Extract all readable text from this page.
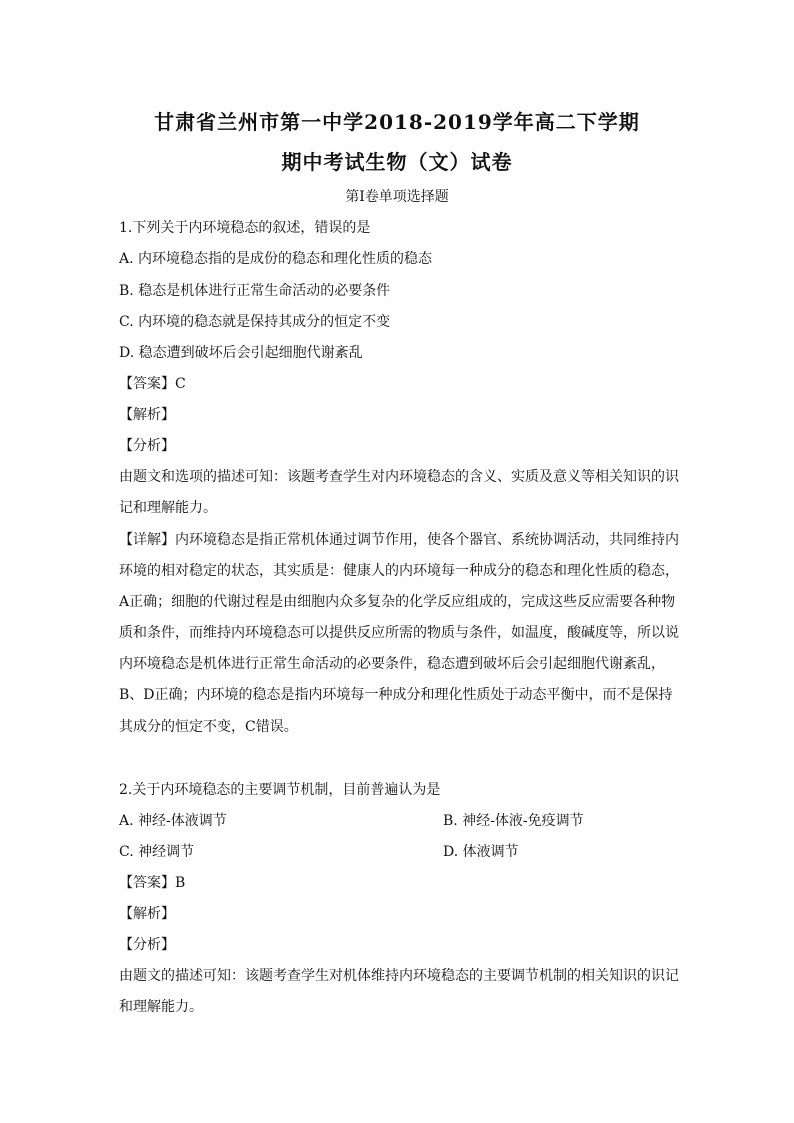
甘肃省兰州市第一中学2018-2019学年高二下学期
期中考试生物（文）试卷
第Ⅰ卷单项选择题
1.下列关于内环境稳态的叙述，错误的是
A. 内环境稳态指的是成份的稳态和理化性质的稳态
B. 稳态是机体进行正常生命活动的必要条件
C. 内环境的稳态就是保持其成分的恒定不变
D. 稳态遭到破坏后会引起细胞代谢紊乱
【答案】C
【解析】
【分析】
由题文和选项的描述可知：该题考查学生对内环境稳态的含义、实质及意义等相关知识的识
记和理解能力。
【详解】内环境稳态是指正常机体通过调节作用，使各个器官、系统协调活动，共同维持内
环境的相对稳定的状态，其实质是：健康人的内环境每一种成分的稳态和理化性质的稳态，
A正确；细胞的代谢过程是由细胞内众多复杂的化学反应组成的，完成这些反应需要各种物
质和条件，而维持内环境稳态可以提供反应所需的物质与条件，如温度，酸碱度等，所以说
内环境稳态是机体进行正常生命活动的必要条件，稳态遭到破坏后会引起细胞代谢紊乱，
B、D正确；内环境的稳态是指内环境每一种成分和理化性质处于动态平衡中，而不是保持
其成分的恒定不变，C错误。
2.关于内环境稳态的主要调节机制，目前普遍认为是
A. 神经-体液调节	B. 神经-体液-免疫调节
C. 神经调节	D. 体液调节
【答案】B
【解析】
【分析】
由题文的描述可知：该题考查学生对机体维持内环境稳态的主要调节机制的相关知识的识记
和理解能力。
